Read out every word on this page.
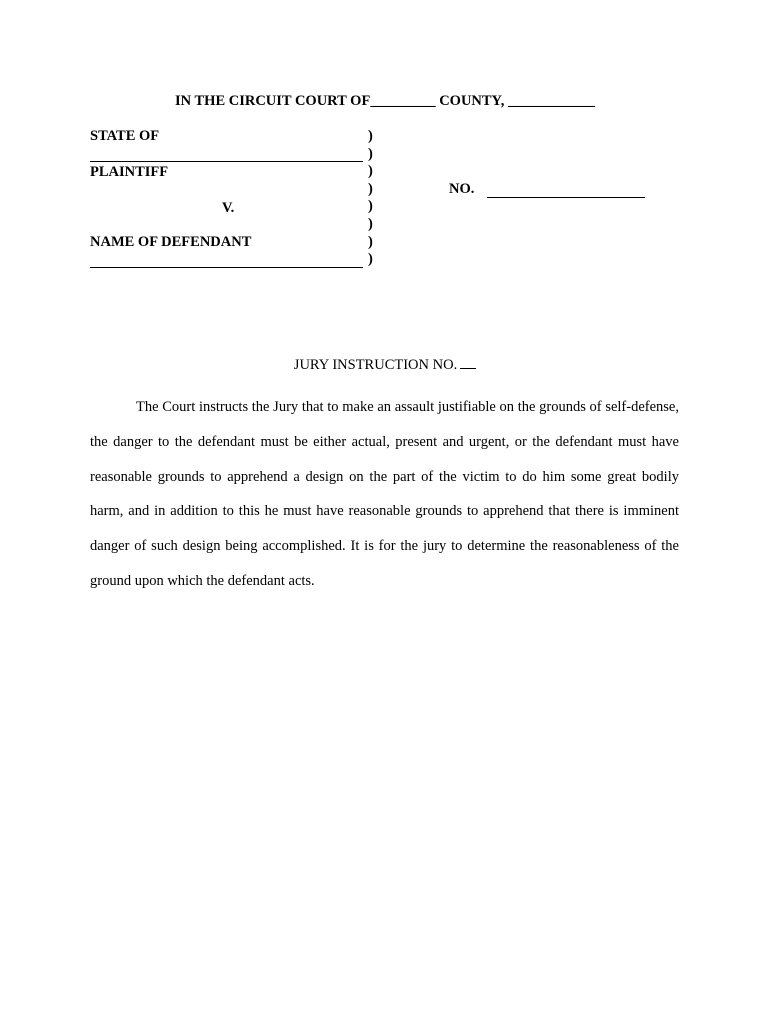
IN THE CIRCUIT COURT OF_________ COUNTY, ____________
STATE OF
PLAINTIFF
V.
NAME OF DEFENDANT
)
)
)
)
)
)
)
)
NO.
JURY INSTRUCTION NO.

The Court instructs the Jury that to make an assault justifiable on the grounds of self-defense, the danger to the defendant must be either actual, present and urgent, or the defendant must have reasonable grounds to apprehend a design on the part of the victim to do him some great bodily harm, and in addition to this he must have reasonable grounds to apprehend that there is imminent danger of such design being accomplished. It is for the jury to determine the reasonableness of the ground upon which the defendant acts.
